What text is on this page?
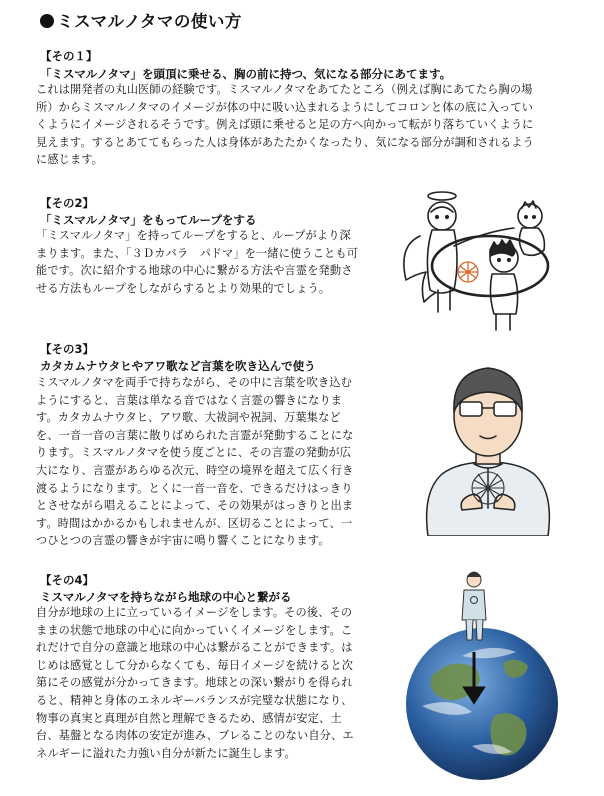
ミスマルノタマの使い方
【その１】
「ミスマルノタマ」を頭頂に乗せる、胸の前に持つ、気になる部分にあてます。
これは開発者の丸山医師の経験です。ミスマルノタマをあてたところ（例えば胸にあてたら胸の場
所）からミスマルノタマのイメージが体の中に吸い込まれるようにしてコロンと体の底に入ってい
くようにイメージされるそうです。例えば頭に乗せると足の方へ向かって転がり落ちていくように
見えます。するとあててもらった人は身体があたたかくなったり、気になる部分が調和されるよう
に感じます。
【その2】
「ミスマルノタマ」をもってループをする
「ミスマルノタマ」を持ってループをすると、ループがより深
まります。また、「３Ｄカバラ　パドマ」を一緒に使うことも可
能です。次に紹介する地球の中心に繋がる方法や言霊を発動さ
せる方法もループをしながらするとより効果的でしょう。
【その3】
カタカムナウタヒやアワ歌など言葉を吹き込んで使う
ミスマルノタマを両手で持ちながら、その中に言葉を吹き込む
ようにすると、言葉は単なる音ではなく言霊の響きになりま
す。カタカムナウタヒ、アワ歌、大祓詞や祝詞、万葉集など
を、一音一音の言葉に散りばめられた言霊が発動することにな
ります。ミスマルノタマを使う度ごとに、その言霊の発動が広
大になり、言霊があらゆる次元、時空の境界を超えて広く行き
渡るようになります。とくに一音一音を、できるだけはっきり
とさせながら唱えることによって、その効果がはっきりと出ま
す。時間はかかるかもしれませんが、区切ることによって、一
つひとつの言霊の響きが宇宙に鳴り響くことになります。
【その4】
ミスマルノタマを持ちながら地球の中心と繋がる
自分が地球の上に立っているイメージをします。その後、その
ままの状態で地球の中心に向かっていくイメージをします。こ
れだけで自分の意識と地球の中心は繋がることができます。は
じめは感覚として分からなくても、毎日イメージを続けると次
第にその感覚が分かってきます。地球との深い繋がりを得られ
ると、精神と身体のエネルギーバランスが完璧な状態になり、
物事の真実と真理が自然と理解できるため、感情が安定、土
台、基盤となる肉体の安定が進み、ブレることのない自分、エ
ネルギーに溢れた力強い自分が新たに誕生します。
